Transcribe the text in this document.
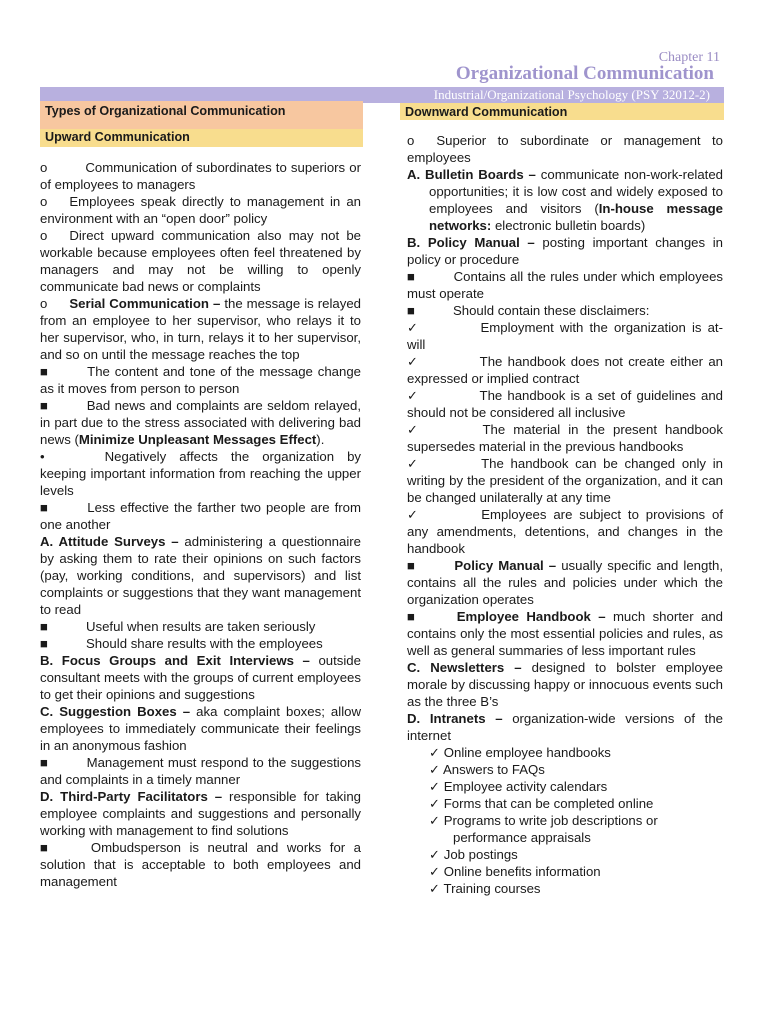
Chapter 11
Organizational Communication
Industrial/Organizational Psychology (PSY 32012-2)
Types of Organizational Communication
Upward Communication
Downward Communication
o	Communication of subordinates to superiors or of employees to managers
o Employees speak directly to management in an environment with an “open door” policy
o Direct upward communication also may not be workable because employees often feel threatened by managers and may not be willing to openly communicate bad news or complaints
o Serial Communication – the message is relayed from an employee to her supervisor, who relays it to her supervisor, who, in turn, relays it to her supervisor, and so on until the message reaches the top
■	The content and tone of the message change as it moves from person to person
■	Bad news and complaints are seldom relayed, in part due to the stress associated with delivering bad news (Minimize Unpleasant Messages Effect).
•	Negatively affects the organization by keeping important information from reaching the upper levels
■	Less effective the farther two people are from one another
A. Attitude Surveys – administering a questionnaire by asking them to rate their opinions on such factors (pay, working conditions, and supervisors) and list complaints or suggestions that they want management to read
■	Useful when results are taken seriously
■	Should share results with the employees
B. Focus Groups and Exit Interviews – outside consultant meets with the groups of current employees to get their opinions and suggestions
C. Suggestion Boxes – aka complaint boxes; allow employees to immediately communicate their feelings in an anonymous fashion
■	Management must respond to the suggestions and complaints in a timely manner
D. Third-Party Facilitators – responsible for taking employee complaints and suggestions and personally working with management to find solutions
■	Ombudsperson is neutral and works for a solution that is acceptable to both employees and management
o Superior to subordinate or management to employees
A. Bulletin Boards – communicate non-work-related opportunities; it is low cost and widely exposed to employees and visitors (In-house message networks: electronic bulletin boards)
B. Policy Manual – posting important changes in policy or procedure
■	Contains all the rules under which employees must operate
■	Should contain these disclaimers:
✓	Employment with the organization is at-will
✓	The handbook does not create either an expressed or implied contract
✓	The handbook is a set of guidelines and should not be considered all inclusive
✓	The material in the present handbook supersedes material in the previous handbooks
✓	The handbook can be changed only in writing by the president of the organization, and it can be changed unilaterally at any time
✓	Employees are subject to provisions of any amendments, detentions, and changes in the handbook
■	Policy Manual – usually specific and length, contains all the rules and policies under which the organization operates
■	Employee Handbook – much shorter and contains only the most essential policies and rules, as well as general summaries of less important rules
C. Newsletters – designed to bolster employee morale by discussing happy or innocuous events such as the three B’s
D. Intranets – organization-wide versions of the internet
✓ Online employee handbooks
✓ Answers to FAQs
✓ Employee activity calendars
✓ Forms that can be completed online
✓ Programs to write job descriptions or
performance appraisals
✓ Job postings
✓ Online benefits information
✓ Training courses
